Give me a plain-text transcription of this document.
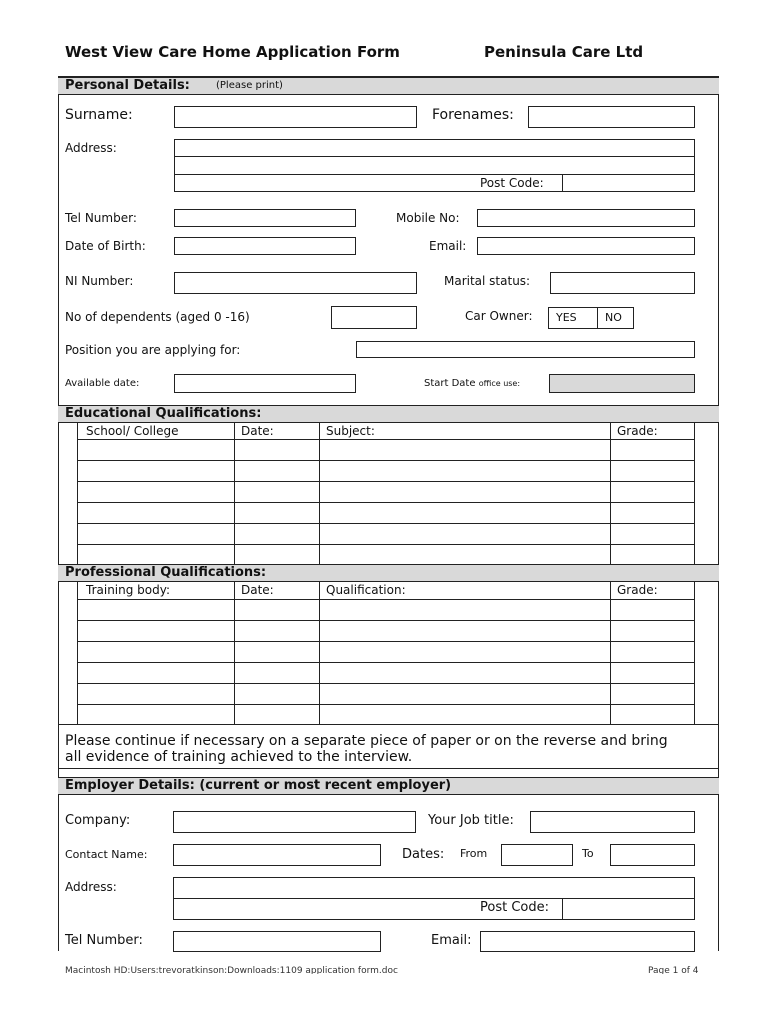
West View Care Home Application Form	Peninsula Care Ltd
Personal Details:	(Please print)
Surname:	Forenames:
Address:
Post Code:
Tel Number:	Mobile No:
Date of Birth:	Email:
NI Number:	Marital status:
No of dependents (aged 0 -16)	Car Owner:	YES	NO
Position you are applying for:
Available date:	Start Date office use:
Educational Qualifications:
School/ College	Date:	Subject:	Grade:
Professional Qualifications:
Training body:	Date:	Qualification:	Grade:
Please continue if necessary on a separate piece of paper or on the reverse and bring
all evidence of training achieved to the interview.
Employer Details: (current or most recent employer)
Company:	Your Job title:
Contact Name:	Dates: From	To
Address:
Post Code:
Tel Number:	Email:
Macintosh HD:Users:trevoratkinson:Downloads:1109 application form.doc	Page 1 of 4
